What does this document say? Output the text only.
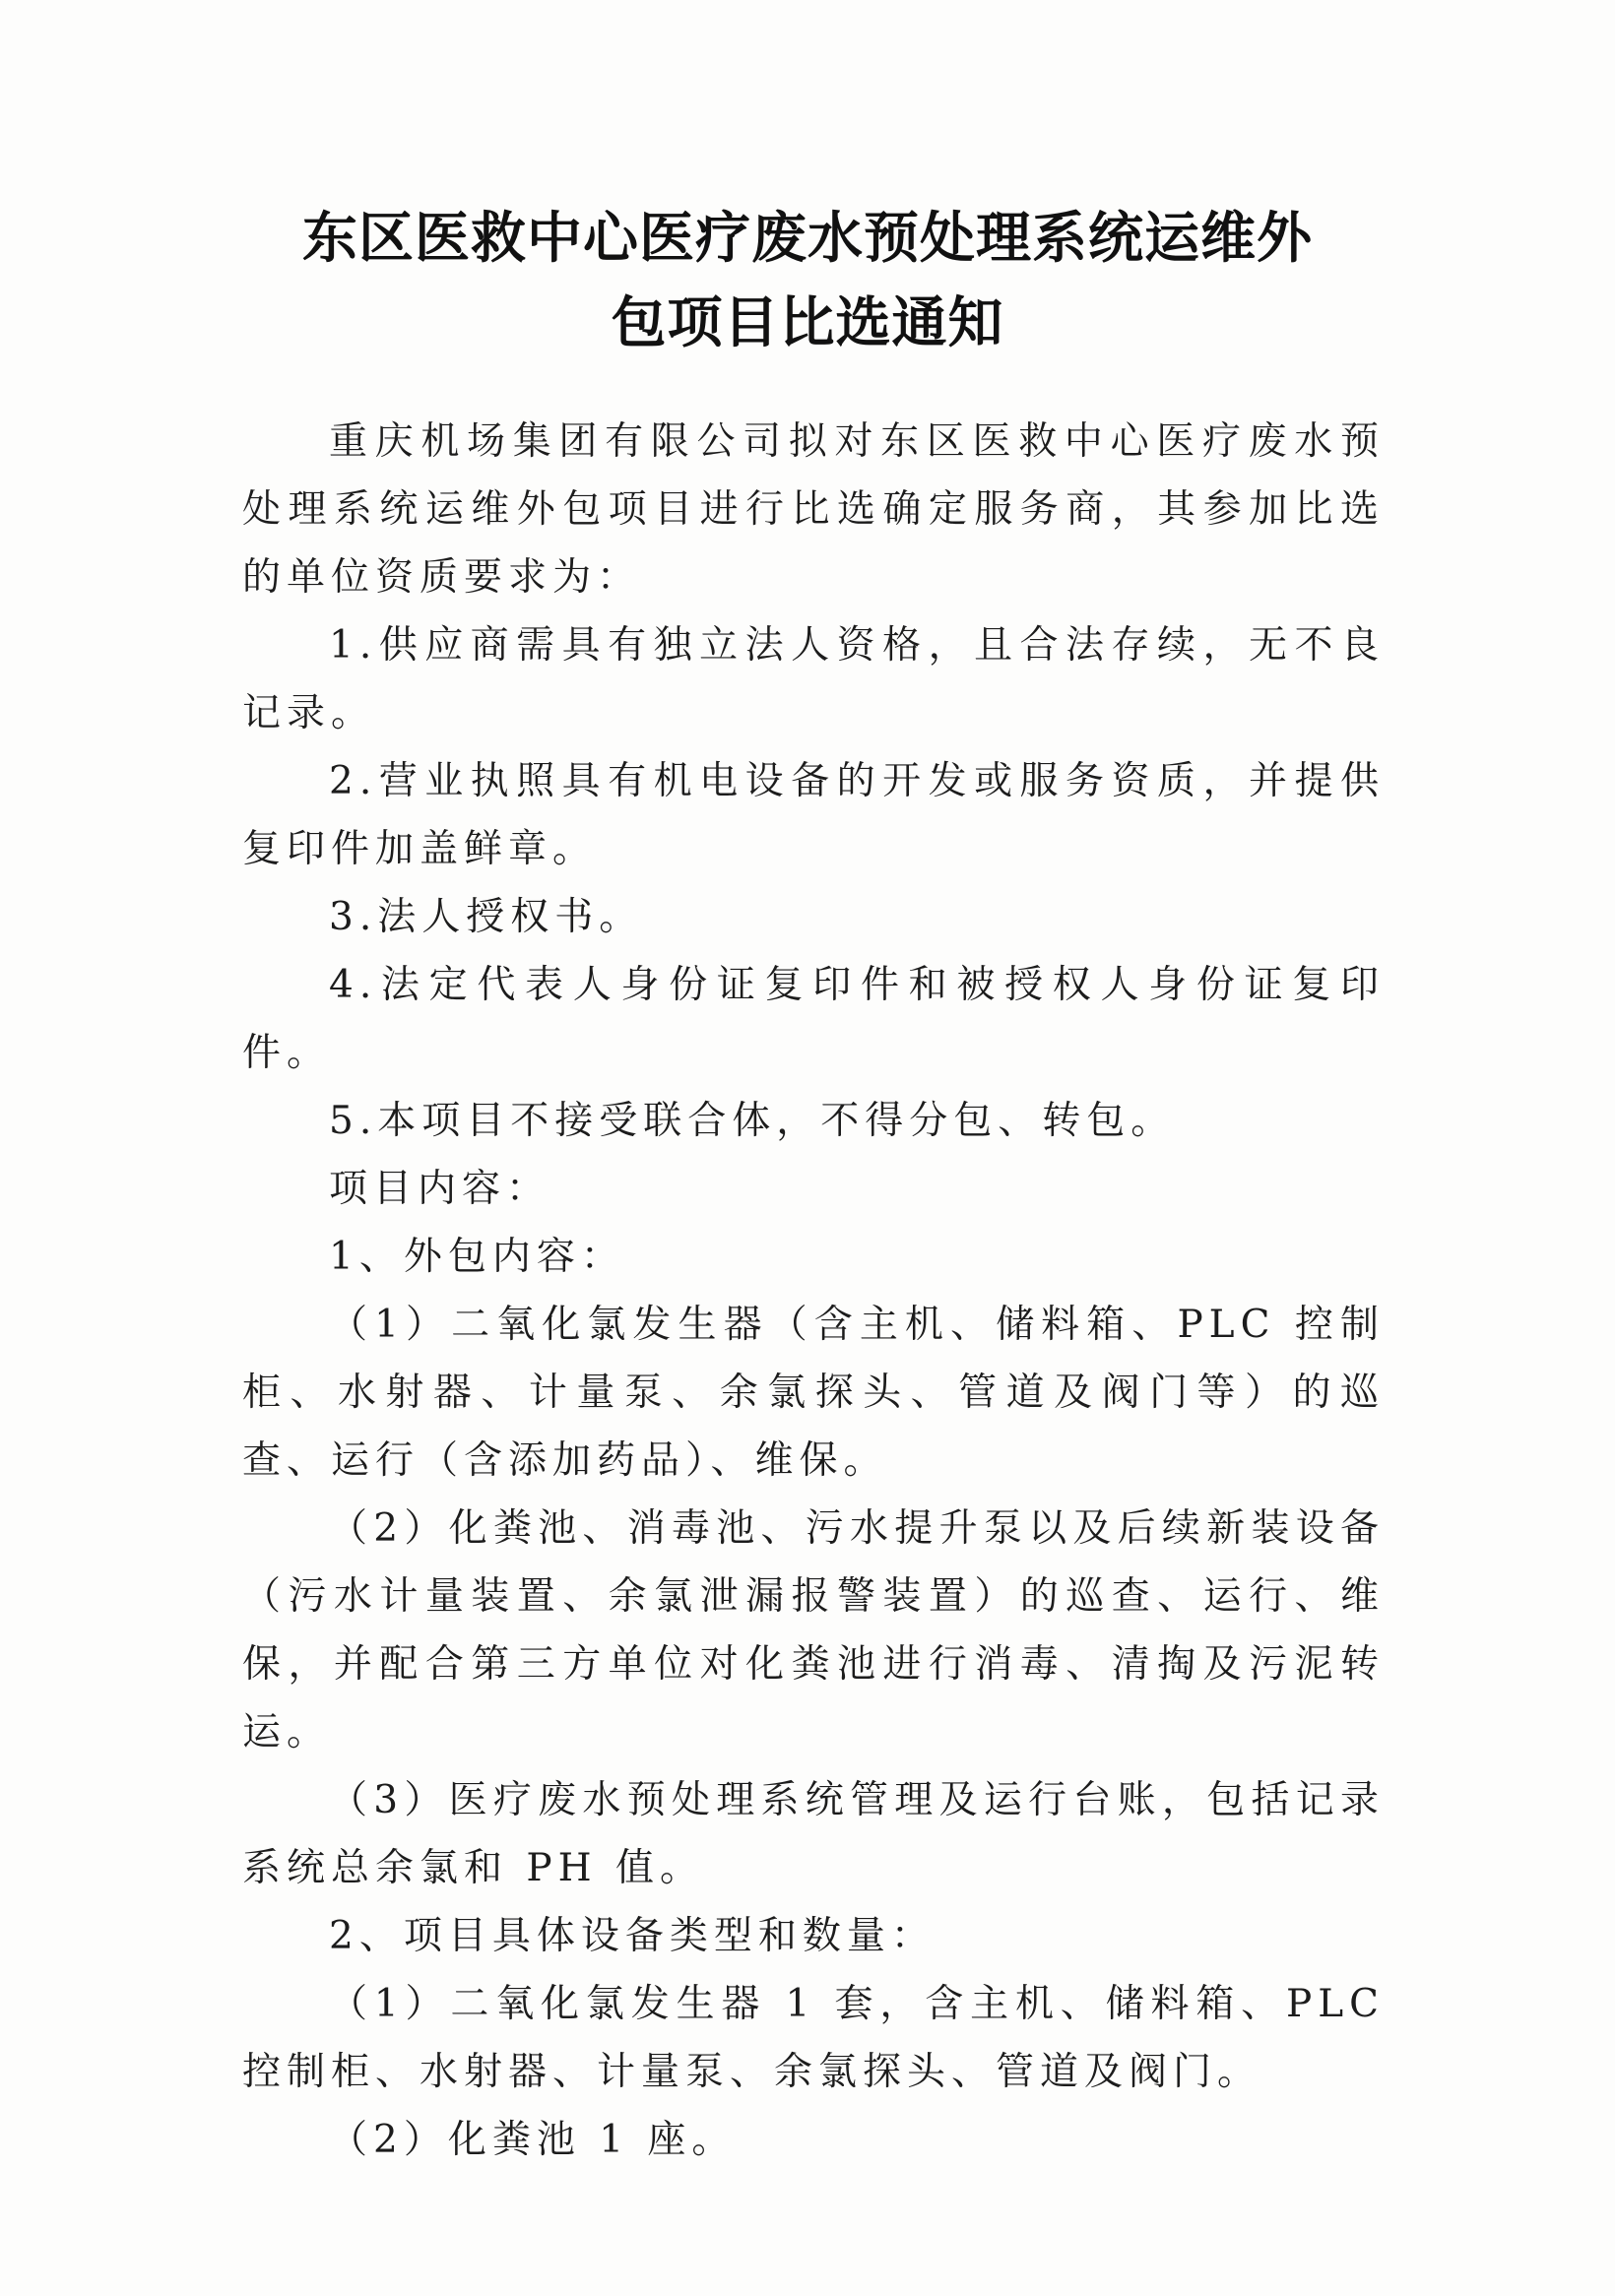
东区医救中心医疗废水预处理系统运维外
包项目比选通知

重庆机场集团有限公司拟对东区医救中心医疗废水预处理系统运维外包项目进行比选确定服务商，其参加比选的单位资质要求为：

1.供应商需具有独立法人资格，且合法存续，无不良记录。

2.营业执照具有机电设备的开发或服务资质，并提供复印件加盖鲜章。

3.法人授权书。

4.法定代表人身份证复印件和被授权人身份证复印件。

5.本项目不接受联合体，不得分包、转包。

项目内容：

1、外包内容：

（1）二氧化氯发生器（含主机、储料箱、PLC 控制柜、水射器、计量泵、余氯探头、管道及阀门等）的巡查、运行（含添加药品）、维保。

（2）化粪池、消毒池、污水提升泵以及后续新装设备（污水计量装置、余氯泄漏报警装置）的巡查、运行、维保，并配合第三方单位对化粪池进行消毒、清掏及污泥转运。

（3）医疗废水预处理系统管理及运行台账，包括记录系统总余氯和 PH 值。

2、项目具体设备类型和数量：

（1）二氧化氯发生器 1 套，含主机、储料箱、PLC 控制柜、水射器、计量泵、余氯探头、管道及阀门。

（2）化粪池 1 座。
